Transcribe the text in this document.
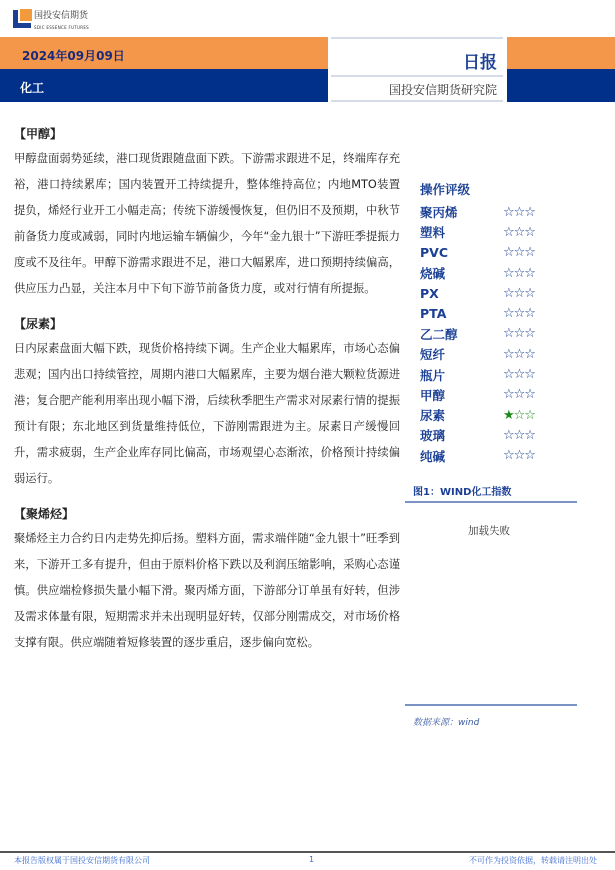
国投安信期货
SDIC ESSENCE FUTURES
2024年09月09日
化工
日报
国投安信期货研究院
【甲醇】
甲醇盘面弱势延续，港口现货跟随盘面下跌。下游需求跟进不足，终端库存充裕，港口持续累库；国内装置开工持续提升，整体维持高位；内地MTO装置提负，烯烃行业开工小幅走高；传统下游缓慢恢复，但仍旧不及预期，中秋节前备货力度或减弱，同时内地运输车辆偏少，今年“金九银十”下游旺季提振力度或不及往年。甲醇下游需求跟进不足，港口大幅累库，进口预期持续偏高，供应压力凸显，关注本月中下旬下游节前备货力度，或对行情有所提振。
【尿素】
日内尿素盘面大幅下跌，现货价格持续下调。生产企业大幅累库，市场心态偏悲观；国内出口持续管控，周期内港口大幅累库，主要为烟台港大颗粒货源进港；复合肥产能利用率出现小幅下滑，后续秋季肥生产需求对尿素行情的提振预计有限；东北地区到货量维持低位，下游刚需跟进为主。尿素日产缓慢回升，需求疲弱，生产企业库存同比偏高，市场观望心态渐浓，价格预计持续偏弱运行。
【聚烯烃】
聚烯烃主力合约日内走势先抑后扬。塑料方面，需求端伴随“金九银十”旺季到来，下游开工多有提升，但由于原料价格下跌以及利润压缩影响，采购心态谨慎。供应端检修损失量小幅下滑。聚丙烯方面，下游部分订单虽有好转，但涉及需求体量有限，短期需求并未出现明显好转，仅部分刚需成交，对市场价格支撑有限。供应端随着短修装置的逐步重启，逐步偏向宽松。
操作评级
聚丙烯	☆☆☆
塑料	☆☆☆
PVC	☆☆☆
烧碱	☆☆☆
PX	☆☆☆
PTA	☆☆☆
乙二醇	☆☆☆
短纤	☆☆☆
瓶片	☆☆☆
甲醇	☆☆☆
尿素	★☆☆
玻璃	☆☆☆
纯碱	☆☆☆
图1：WIND化工指数
加载失败
数据来源：wind
本报告版权属于国投安信期货有限公司	1	不可作为投资依据，转载请注明出处
